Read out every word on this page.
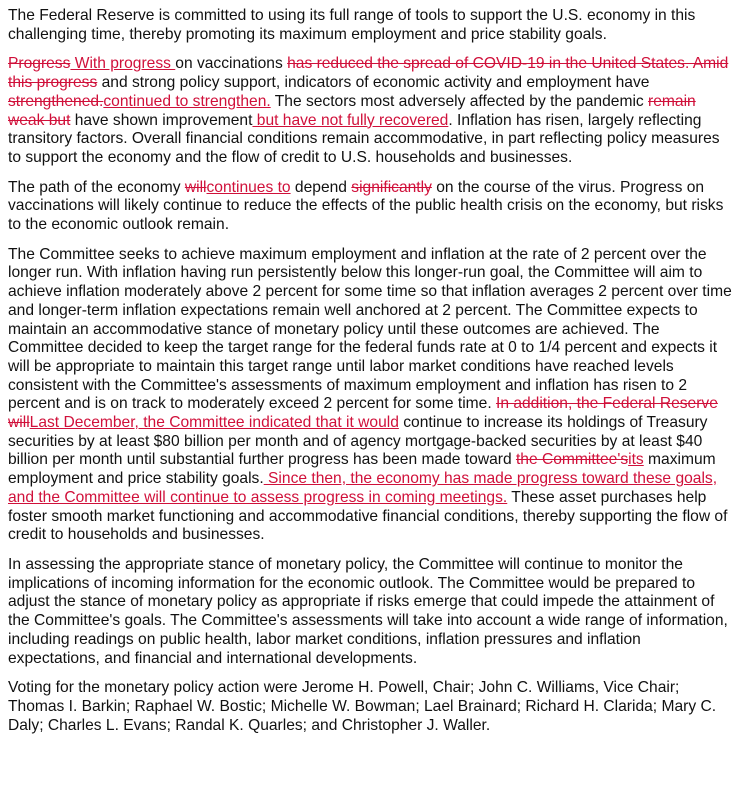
The Federal Reserve is committed to using its full range of tools to support the U.S. economy in this challenging time, thereby promoting its maximum employment and price stability goals.

Progress With progress on vaccinations has reduced the spread of COVID-19 in the United States. Amid this progress and strong policy support, indicators of economic activity and employment have strengthened.continued to strengthen. The sectors most adversely affected by the pandemic remain weak but have shown improvement but have not fully recovered. Inflation has risen, largely reflecting transitory factors. Overall financial conditions remain accommodative, in part reflecting policy measures to support the economy and the flow of credit to U.S. households and businesses.

The path of the economy willcontinues to depend significantly on the course of the virus. Progress on vaccinations will likely continue to reduce the effects of the public health crisis on the economy, but risks to the economic outlook remain.

The Committee seeks to achieve maximum employment and inflation at the rate of 2 percent over the longer run. With inflation having run persistently below this longer-run goal, the Committee will aim to achieve inflation moderately above 2 percent for some time so that inflation averages 2 percent over time and longer-term inflation expectations remain well anchored at 2 percent. The Committee expects to maintain an accommodative stance of monetary policy until these outcomes are achieved. The Committee decided to keep the target range for the federal funds rate at 0 to 1/4 percent and expects it will be appropriate to maintain this target range until labor market conditions have reached levels consistent with the Committee's assessments of maximum employment and inflation has risen to 2 percent and is on track to moderately exceed 2 percent for some time. In addition, the Federal Reserve willLast December, the Committee indicated that it would continue to increase its holdings of Treasury securities by at least $80 billion per month and of agency mortgage-backed securities by at least $40 billion per month until substantial further progress has been made toward the Committee'sits maximum employment and price stability goals. Since then, the economy has made progress toward these goals, and the Committee will continue to assess progress in coming meetings. These asset purchases help foster smooth market functioning and accommodative financial conditions, thereby supporting the flow of credit to households and businesses.

In assessing the appropriate stance of monetary policy, the Committee will continue to monitor the implications of incoming information for the economic outlook. The Committee would be prepared to adjust the stance of monetary policy as appropriate if risks emerge that could impede the attainment of the Committee's goals. The Committee's assessments will take into account a wide range of information, including readings on public health, labor market conditions, inflation pressures and inflation expectations, and financial and international developments.

Voting for the monetary policy action were Jerome H. Powell, Chair; John C. Williams, Vice Chair; Thomas I. Barkin; Raphael W. Bostic; Michelle W. Bowman; Lael Brainard; Richard H. Clarida; Mary C. Daly; Charles L. Evans; Randal K. Quarles; and Christopher J. Waller.
